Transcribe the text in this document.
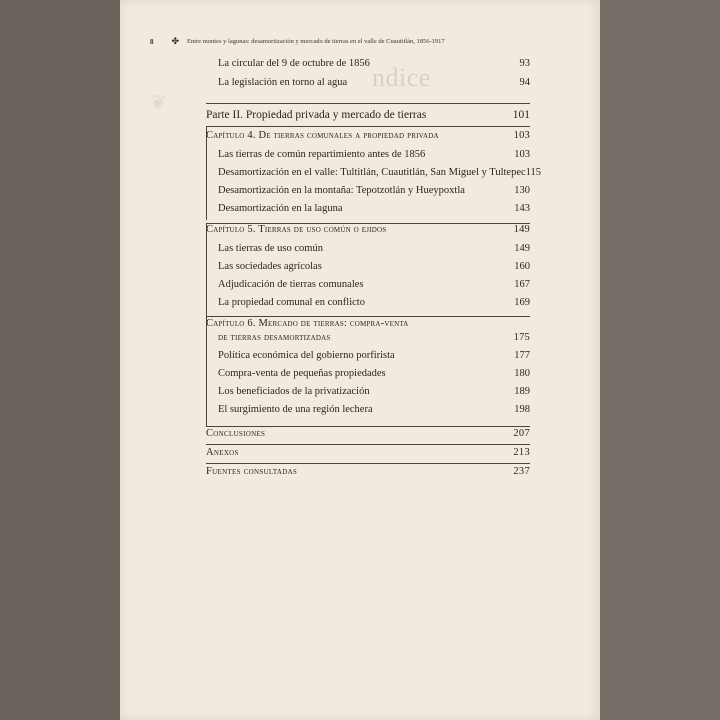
ndice
❦
8 ✤ Entre montes y lagunas: desamortización y mercado de tierras en el valle de Cuautitlán, 1856-1917
La circular del 9 de octubre de 1856	93
La legislación en torno al agua	94
Parte II. Propiedad privada y mercado de tierras	101
Capítulo 4. De tierras comunales a propiedad privada	103
Las tierras de común repartimiento antes de 1856	103
Desamortización en el valle: Tultitlán, Cuautitlán, San Miguel y Tultepec 115
Desamortización en la montaña: Tepotzotlán y Hueypoxtla	130
Desamortización en la laguna	143
Capítulo 5. Tierras de uso común o ejidos	149
Las tierras de uso común	149
Las sociedades agrícolas	160
Adjudicación de tierras comunales	167
La propiedad comunal en conflicto	169
Capítulo 6. Mercado de tierras: compra-venta
de tierras desamortizadas	175
Política económica del gobierno porfirista	177
Compra-venta de pequeñas propiedades	180
Los beneficiados de la privatización	189
El surgimiento de una región lechera	198
Conclusiones	207
Anexos	213
Fuentes consultadas	237
